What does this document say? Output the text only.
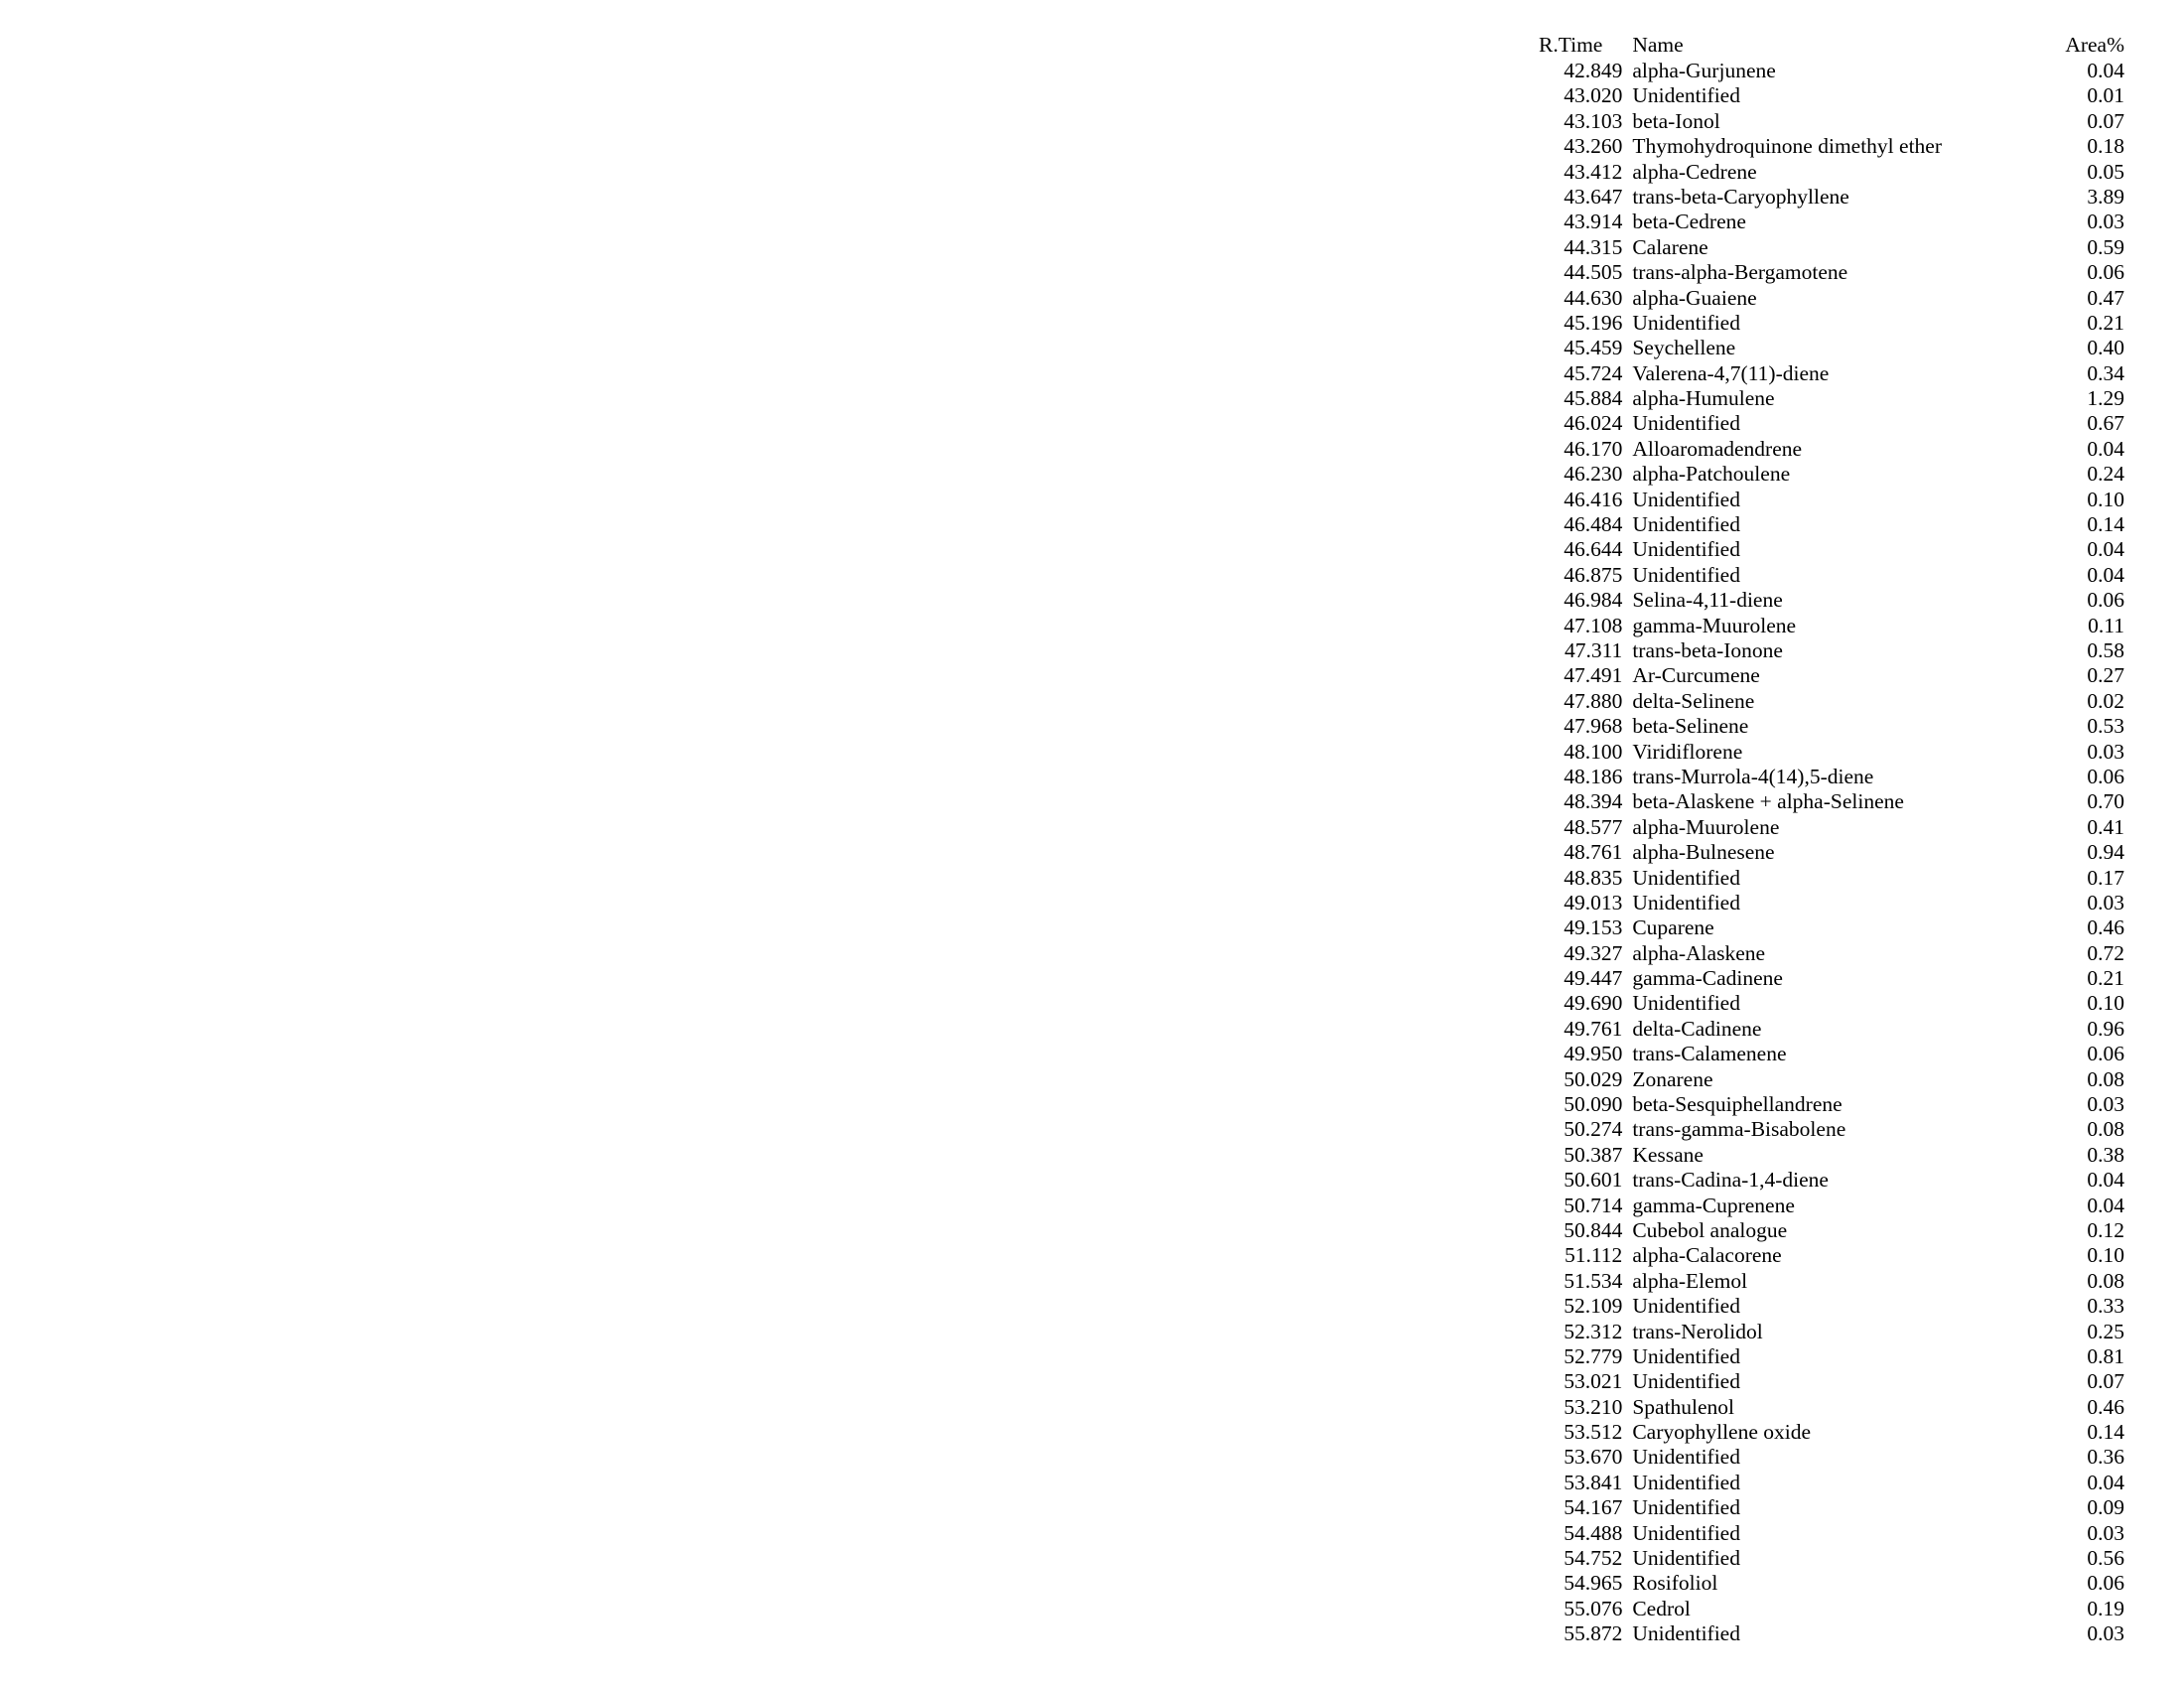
R.Time	Name	Area%
42.849	alpha-Gurjunene	0.04
43.020	Unidentified	0.01
43.103	beta-Ionol	0.07
43.260	Thymohydroquinone dimethyl ether	0.18
43.412	alpha-Cedrene	0.05
43.647	trans-beta-Caryophyllene	3.89
43.914	beta-Cedrene	0.03
44.315	Calarene	0.59
44.505	trans-alpha-Bergamotene	0.06
44.630	alpha-Guaiene	0.47
45.196	Unidentified	0.21
45.459	Seychellene	0.40
45.724	Valerena-4,7(11)-diene	0.34
45.884	alpha-Humulene	1.29
46.024	Unidentified	0.67
46.170	Alloaromadendrene	0.04
46.230	alpha-Patchoulene	0.24
46.416	Unidentified	0.10
46.484	Unidentified	0.14
46.644	Unidentified	0.04
46.875	Unidentified	0.04
46.984	Selina-4,11-diene	0.06
47.108	gamma-Muurolene	0.11
47.311	trans-beta-Ionone	0.58
47.491	Ar-Curcumene	0.27
47.880	delta-Selinene	0.02
47.968	beta-Selinene	0.53
48.100	Viridiflorene	0.03
48.186	trans-Murrola-4(14),5-diene	0.06
48.394	beta-Alaskene + alpha-Selinene	0.70
48.577	alpha-Muurolene	0.41
48.761	alpha-Bulnesene	0.94
48.835	Unidentified	0.17
49.013	Unidentified	0.03
49.153	Cuparene	0.46
49.327	alpha-Alaskene	0.72
49.447	gamma-Cadinene	0.21
49.690	Unidentified	0.10
49.761	delta-Cadinene	0.96
49.950	trans-Calamenene	0.06
50.029	Zonarene	0.08
50.090	beta-Sesquiphellandrene	0.03
50.274	trans-gamma-Bisabolene	0.08
50.387	Kessane	0.38
50.601	trans-Cadina-1,4-diene	0.04
50.714	gamma-Cuprenene	0.04
50.844	Cubebol analogue	0.12
51.112	alpha-Calacorene	0.10
51.534	alpha-Elemol	0.08
52.109	Unidentified	0.33
52.312	trans-Nerolidol	0.25
52.779	Unidentified	0.81
53.021	Unidentified	0.07
53.210	Spathulenol	0.46
53.512	Caryophyllene oxide	0.14
53.670	Unidentified	0.36
53.841	Unidentified	0.04
54.167	Unidentified	0.09
54.488	Unidentified	0.03
54.752	Unidentified	0.56
54.965	Rosifoliol	0.06
55.076	Cedrol	0.19
55.872	Unidentified	0.03
